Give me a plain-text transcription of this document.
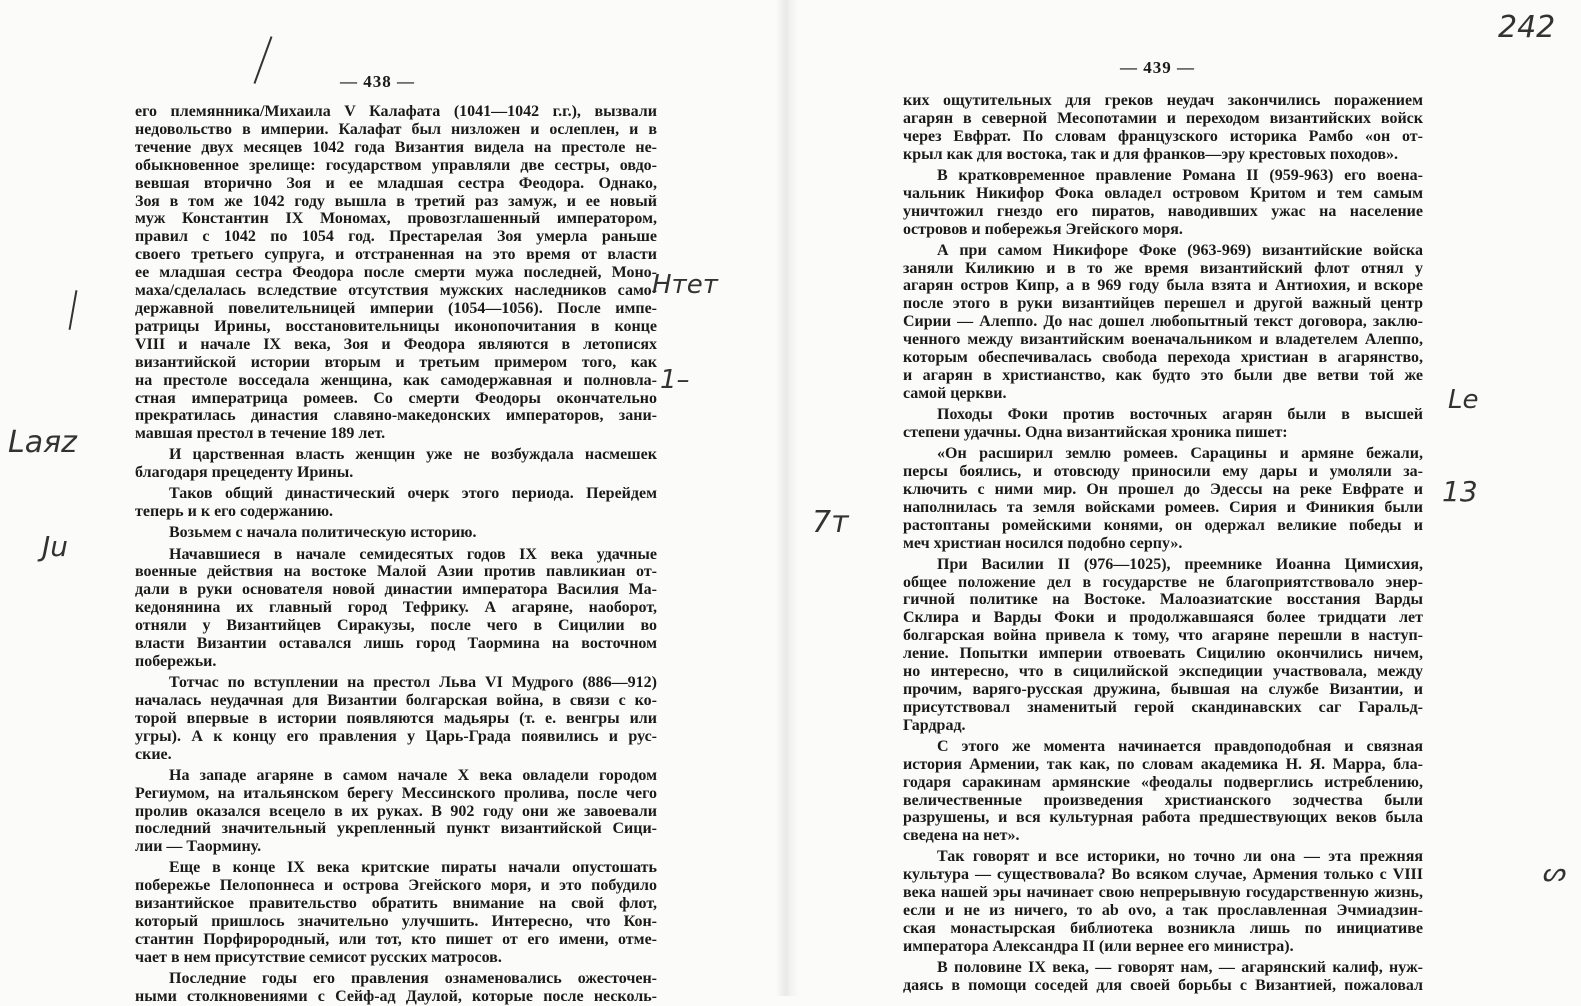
— 438 —
его племянника/Михаила V Калафата (1041—1042 г.г.), вызвали
недовольство в империи. Калафат был низложен и ослеплен, и в
течение двух месяцев 1042 года Византия видела на престоле не-
обыкновенное зрелище: государством управляли две сестры, овдо-
вевшая вторично Зоя и ее младшая сестра Феодора. Однако,
Зоя в том же 1042 году вышла в третий раз замуж, и ее новый
муж Константин IX Мономах, провозглашенный императором,
правил с 1042 по 1054 год. Престарелая Зоя умерла раньше
своего третьего супруга, и отстраненная на это время от власти
ее младшая сестра Феодора после смерти мужа последней, Моно-
маха/сделалась вследствие отсутствия мужских наследников само-
державной повелительницей империи (1054—1056). После импе-
ратрицы Ирины, восстановительницы иконопочитания в конце
VIII и начале IX века, Зоя и Феодора являются в летописях
византийской истории вторым и третьим примером того, как
на престоле восседала женщина, как самодержавная и полновла-
стная императрица ромеев. Со смерти Феодоры окончательно
прекратилась династия славяно-македонских императоров, зани-
мавшая престол в течение 189 лет.
И царственная власть женщин уже не возбуждала насмешек
благодаря прецеденту Ирины.
Таков общий династический очерк этого периода. Перейдем
теперь и к его содержанию.
Возьмем с начала политическую историю.
Начавшиеся в начале семидесятых годов IX века удачные
военные действия на востоке Малой Азии против павликиан от-
дали в руки основателя новой династии императора Василия Ма-
кедонянина их главный город Тефрику. А агаряне, наоборот,
отняли у Византийцев Сиракузы, после чего в Сицилии во
власти Византии оставался лишь город Таормина на восточном
побережьи.
Тотчас по вступлении на престол Льва VI Мудрого (886—912)
началась неудачная для Византии болгарская война, в связи с ко-
торой впервые в истории появляются мадьяры (т. е. венгры или
угры). А к концу его правления у Царь-Града появились и рус-
ские.
На западе агаряне в самом начале X века овладели городом
Региумом, на итальянском берегу Мессинского пролива, после чего
пролив оказался всецело в их руках. В 902 году они же завоевали
последний значительный укрепленный пункт византийской Сици-
лии — Таормину.
Еще в конце IX века критские пираты начали опустошать
побережье Пелопоннеса и острова Эгейского моря, и это побудило
византийское правительство обратить внимание на свой флот,
который пришлось значительно улучшить. Интересно, что Кон-
стантин Порфирородный, или тот, кто пишет от его имени, отме-
чает в нем присутствие семисот русских матросов.
Последние годы его правления ознаменовались ожесточен-
ными столкновениями с Сейф-ад Даулой, которые после несколь-
— 439 —
ких ощутительных для греков неудач закончились поражением
агарян в северной Месопотамии и переходом византийских войск
через Евфрат. По словам французского историка Рамбо «он от-
крыл как для востока, так и для франков—эру крестовых походов».
В кратковременное правление Романа II (959-963) его воена-
чальник Никифор Фока овладел островом Критом и тем самым
уничтожил гнездо его пиратов, наводивших ужас на население
островов и побережья Эгейского моря.
А при самом Никифоре Фоке (963-969) византийские войска
заняли Киликию и в то же время византийский флот отнял у
агарян остров Кипр, а в 969 году была взята и Антиохия, и вскоре
после этого в руки византийцев перешел и другой важный центр
Сирии — Алеппо. До нас дошел любопытный текст договора, заклю-
ченного между византийским военачальником и владетелем Алеппо,
которым обеспечивалась свобода перехода христиан в агарянство,
и агарян в христианство, как будто это были две ветви той же
самой церкви.
Походы Фоки против восточных агарян были в высшей
степени удачны. Одна византийская хроника пишет:
«Он расширил землю ромеев. Сарацины и армяне бежали,
персы боялись, и отовсюду приносили ему дары и умоляли за-
ключить с ними мир. Он прошел до Эдессы на реке Евфрате и
наполнилась та земля войсками ромеев. Сирия и Финикия были
растоптаны ромейскими конями, он одержал великие победы и
меч христиан носился подобно серпу».
При Василии II (976—1025), преемнике Иоанна Цимисхия,
общее положение дел в государстве не благоприятствовало энер-
гичной политике на Востоке. Малоазиатские восстания Варды
Склира и Варды Фоки и продолжавшаяся более тридцати лет
болгарская война привела к тому, что агаряне перешли в наступ-
ление. Попытки империи отвоевать Сицилию окончились ничем,
но интересно, что в сицилийской экспедиции участвовала, между
прочим, варяго-русская дружина, бывшая на службе Византии, и
присутствовал знаменитый герой скандинавских саг Гаральд-
Гардрад.
С этого же момента начинается правдоподобная и связная
история Армении, так как, по словам академика Н. Я. Марра, бла-
годаря саракинам армянские «феодалы подверглись истреблению,
величественные произведения христианского зодчества были
разрушены, и вся культурная работа предшествующих веков была
сведена на нет».
Так говорят и все историки, но точно ли она — эта прежняя
культура — существовала? Во всяком случае, Армения только с VIII
века нашей эры начинает свою непрерывную государственную жизнь,
если и не из ничего, то ab ovo, а так прославленная Эчмиадзин-
ская монастырская библиотека возникла лишь по инициативе
императора Александра II (или вернее его министра).
В половине IX века, — говорят нам, — агарянский калиф, нуж-
даясь в помощи соседей для своей борьбы с Византией, пожаловал
242
Laяz
Ju
Нтет
1–
7т
Le
13
ᔕ
